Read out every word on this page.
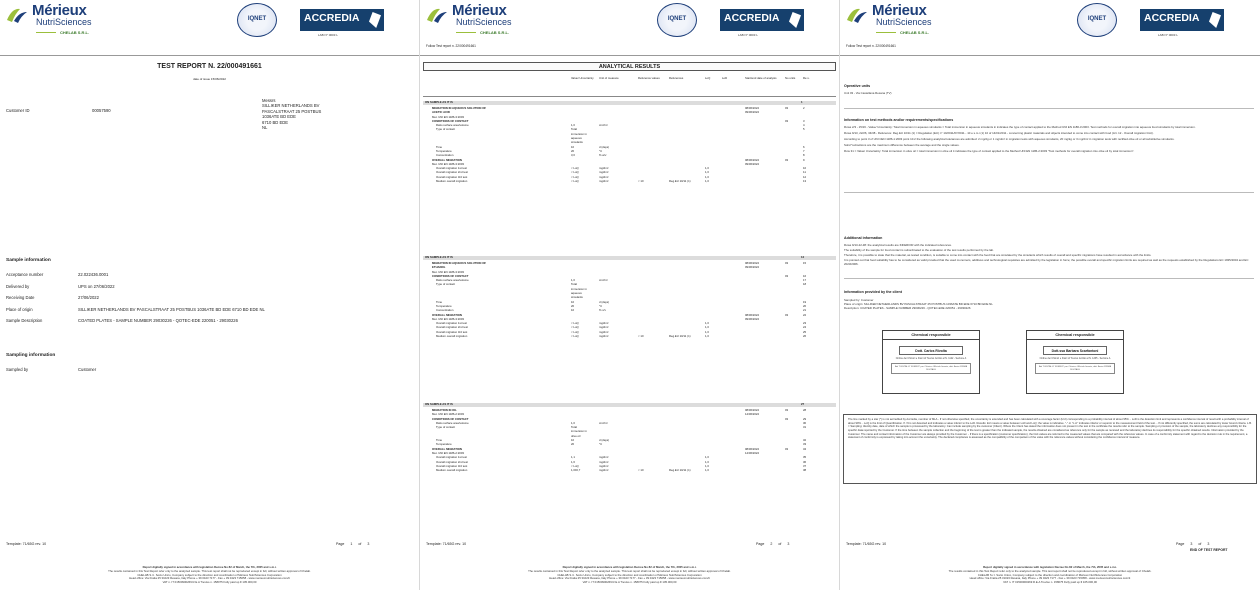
Mérieux
NutriSciences
CHELAB S.R.L.
IQNET	ACCREDIA
LAB N° 0003 L
TEST REPORT N. 22/000491661
date of issue 15/06/2022
Customer ID	00057590
Messrs
SILLIKER NETHERLANDS BV
PASCALSTRAAT 25 POSTBUS
1036ATE BD EDE
6710 BD EDE
NL
Sample information
Acceptance number	22.022436.0001
Delivered by	UPS on 27/06/2022
Receiving Date	27/06/2022
Place of origin	SILLIKER NETHERLANDS BV PASCALSTRAAT 25 POSTBUS 1036ATE BD EDE 6710 BD EDE NL
Sample Description	COATED PLATES - SAMPLE NUMBER 29030226 - QOTEC-EDE 220051 - 29030226
Sampling information
Sampled by	Customer
Template: 71/65G rev. 10	Page 1 of 3
Report digitally signed in accordance with legislation Decree No 82 of March, the 7th, 2005 and s.m.i.
The results contained in this Test Report refer only to the analyzed sample. This test report shall not be reproduced except in full, without written approval of Chelab.
CHELAB S.r.l. Socio Unico, Company subject to the direction and coordination of Mérieux NutriSciences Corporation
Head office: Via Fratta 25 31023 Resana, Italy Phone + 39 0423 7177 - Fax + 39 0423 715058 - www.merieuxnutrisciences.com/it
VAT n. IT 01500900269 R.E.A Treviso n. 158075 Fully paid up € 105.000,00
Mérieux
NutriSciences
CHELAB S.R.L.
IQNET	ACCREDIA
LAB N° 0003 L
Follow Test report n. 22/000491661
ANALYTICAL RESULTS
Value/ Uncertainty	Unit of measure	Reference values	References	LoQ	LoD	Start/end date of analysis	No units	Re s.
ON SAMPLE AS IT IS	1
MIGRATION IN AQUEOUS SOLUTION OF	08/06/2022	03	2
ACETIC ACID	09/06/2022
Met. UNI EN 1186-3:2003
CONDITIONS OF CONTACT	03	3
Ratio surface area/volume	1,0	cm²/ml	4
Type of contact	Total	5
immersion in
aqueous
simulants
Time	10	d (days)	6
Temperature	20	°C	7
Concentration	3,0	% w/v	8
OVERALL MIGRATION	08/06/2022	03	9
Met. UNI EN 1186-3:2003	09/06/2022
Overall migration 1st test	< LoQ	mg/dm²	1,0	10
Overall migration 2nd test	< LoQ	mg/dm²	1,0	11
Overall migration 3rd test	< LoQ	mg/dm²	1,0	12
Medium overall migration	< LoQ	mg/dm²	< 10	Reg.EU 10/11 (1)	1,0	13
ON SAMPLE AS IT IS	14
MIGRATION IN AQUEOUS SOLUTION OF	08/06/2022	03	15
ETHANOL	09/06/2022
Met. UNI EN 1186-3:2003
CONDITIONS OF CONTACT	03	16
Ratio surface area/volume	1,0	cm²/ml	17
Type of contact	Total	18
immersion in
aqueous
simulants
Time	10	d (days)	19
Temperature	20	°C	20
Concentration	10	% v/v	21
OVERALL MIGRATION	08/06/2022	03	22
Met. UNI EN 1186-3:2003	09/06/2022
Overall migration 1st test	< LoQ	mg/dm²	1,0	23
Overall migration 2nd test	< LoQ	mg/dm²	1,0	24
Overall migration 3rd test	< LoQ	mg/dm²	1,0	25
Medium overall migration	< LoQ	mg/dm²	< 10	Reg.EU 10/11 (1)	1,0	26
ON SAMPLE AS IT IS	27
MIGRATION IN OIL	08/06/2022	03	28
Met. UNI EN 1186-2:2003	14/06/2022
CONDITIONS OF CONTACT	03	29
Ratio surface area/volume	1,0	cm²/ml	30
Type of contact	Total	31
immersion in
olive oil
Time	10	d (days)	32
Temperature	20	°C	33
OVERALL MIGRATION	08/06/2022	03	34
Met. UNI EN 1186-2:2003	14/06/2022
Overall migration 1st test	1,1	mg/dm²	1,0	35
Overall migration 2nd test	1,6	mg/dm²	1,0	36
Overall migration 3rd test	< LoQ	mg/dm²	1,0	37
Medium overall migration	1,0±0,7	mg/dm²	< 10	Reg.EU 10/11 (1)	1,0	38
Template: 71/65G rev. 10	Page 2 of 3
Report digitally signed in accordance with legislation Decree No 82 of March, the 7th, 2005 and s.m.i.
The results contained in this Test Report refer only to the analyzed sample. This test report shall not be reproduced except in full, without written approval of Chelab.
CHELAB S.r.l. Socio Unico, Company subject to the direction and coordination of Mérieux NutriSciences Corporation
Head office: Via Fratta 25 31023 Resana, Italy Phone + 39 0423 7177 - Fax + 39 0423 715058 - www.merieuxnutrisciences.com/it
VAT n. IT 01500900269 R.E.A Treviso n. 158075 Fully paid up € 105.000,00
Mérieux
NutriSciences
CHELAB S.R.L.
IQNET	ACCREDIA
LAB N° 0003 L
Follow Test report n. 22/000491661
Operative units
Unit 03 - Via Castellana Resana (TV)
Information on test methods and/or requirements/specifications
Rows 2/3 - 15/16 - Value/ Uncertainty: Total immersion in aqueous simulants = Total immersion in aqueous simulants in indicates the type of contact applied to the Method UNI EN 1186-3:2003. Test methods for overall migration into aqueous food simulants by total immersion.
Rows 9/13, 22/26, 34/38 - Reference: Reg.EU 10/11 (1) = Regulation (EU) n° 10/2011/07/2011 - 10 e s.m.i (1) 10 of 14/01/2011 - concerning plastic materials and objects intended to come into contact with food (Art. 12 - Overall migration limit).
According to point 3 of UNI CEN 1186-1:2003 point 10.2 the following analytical tolerances are admitted: 2 mg/dg or 1 mg/dm² in migration tests with aqueous simulants, 20 mg/kg or 3 mg/dm² in migration tests with rectified olive oil or all substitutive simulants.
Solid *extractions are the maximum difference between the average and the single values.
Row 31 = Value/ Uncertainty: Total immersion in olive oil = total immersion in olive oil it indicates the type of contact applied to the Method UNI EN 1186-2:2003 "Test methods for overall migration into olive oil by total immersion".
Additional information
Rows 9/13-22-38: the analytical results are INFERIOR with the indicated references.
The suitability of the sample for food contact is subordinated to the evaluation of the test results performed by the lab.
Therefore, it is possible to state that the material, as tested condition, is suitable to come into contact with the food that are simulated by the simulants which results of overall and specific migrations have resulted in accordance with the limits.
It is pointed out that food suitability has to be considered as valid provided that the used monomers, additives and technological requisites are admitted by the legislation in force; the possible overall and specific migration limits are required as well as the requests established by the Regulations EC 1935/2004 and EC 2023/2006.
Information provided by the client
Sampled by: Customer
Place of origin: SILLIKER NETHERLANDS BV PASCALSTRAAT 25 POSTBUS 1036ATE BD EDE 6710 BD EDE NL
Description: COATED PLATES - SAMPLE NUMBER 29030226 - QOTEC-EDE 220051 - 29030226
Chemical responsible
Dott. Carlos Rivolta
Ordine dei Chimici e Fisici di Treviso Iscritto al N. 1122 - Sezione A
Atti "DIGITALLY SIGNED" per Chimico Ufficiale firmato, dott. Avvisi FIRMA DIGITALE
Chemical responsible
Dott.ssa Barbara Scarfantoni
Ordine dei Chimici e Fisici di Treviso Iscritto al N. 1265 - Sezione A
Atti "DIGITALLY SIGNED" per Chimico Ufficiale firmato, dott. Avvisi FIRMA DIGITALE
The line marked by a star (*) is not accredited by Accredia, member of MLA - If not otherwise specified, the uncertainty is extended and has been calculated with a coverage factor (k=2) corresponding to a probability interval of about 95%. - LoD is the detection limit and represents a confidence interval of result with a probability interval of about 99%. - LoQ is the limit of Quantification. If <9 is not detected and indicates a value inferior to the LoD. Results: EU means a value between LoD and LoQ; the value is indicative. "-" or "n.d." indicates inferior or superior to the measurement field of the test. - If not differently specified, the sums are calculated by lower bound criteria. L.B. = Sampling: Identity date, date of which the sample is processed by the laboratory. Can include sampling by the customer (Client). Where the Client has stated the information does not present in the test in the certificate the results refer to the sample. Sampling or provision of the sample, the laboratory declines any responsibility for the specific data reported by the Customer. If the time between the sample collection and the beginning of the test is greater than the indicated sample, the results obtained are considered as reference only for the sample as received and the laboratory declines its responsibility for the specific obtained results. Information provided by the Customer. The name and contact information of the Customer are always provided by the Customer. - If there is a specification (customer specification), the limit values are referred to the measured values that are compared with the reference values. In case of a conformity statement with regard to the decision rule in the requirement, a statement of conformity is expressed by taking into account the uncertainty. The declared compliance is assessed as the compatibility of the comparison of the value with the reference values without considering the confidence interval of measure.
Template: 71/65G rev. 10	Page 3 of 3
END OF TEST REPORT
Report digitally signed in accordance with legislation Decree No 82 of March, the 7th, 2005 and s.m.i.
The results contained in this Test Report refer only to the analyzed sample. This test report shall not be reproduced except in full, without written approval of Chelab.
CHELAB S.r.l. Socio Unico, Company subject to the direction and coordination of Mérieux NutriSciences Corporation
Head office: Via Fratta 25 31023 Resana, Italy Phone + 39 0423 7177 - Fax + 39 0423 715058 - www.merieuxnutrisciences.com/it
VAT n. IT 01500900269 R.E.A Treviso n. 158075 Fully paid up € 105.000,00
